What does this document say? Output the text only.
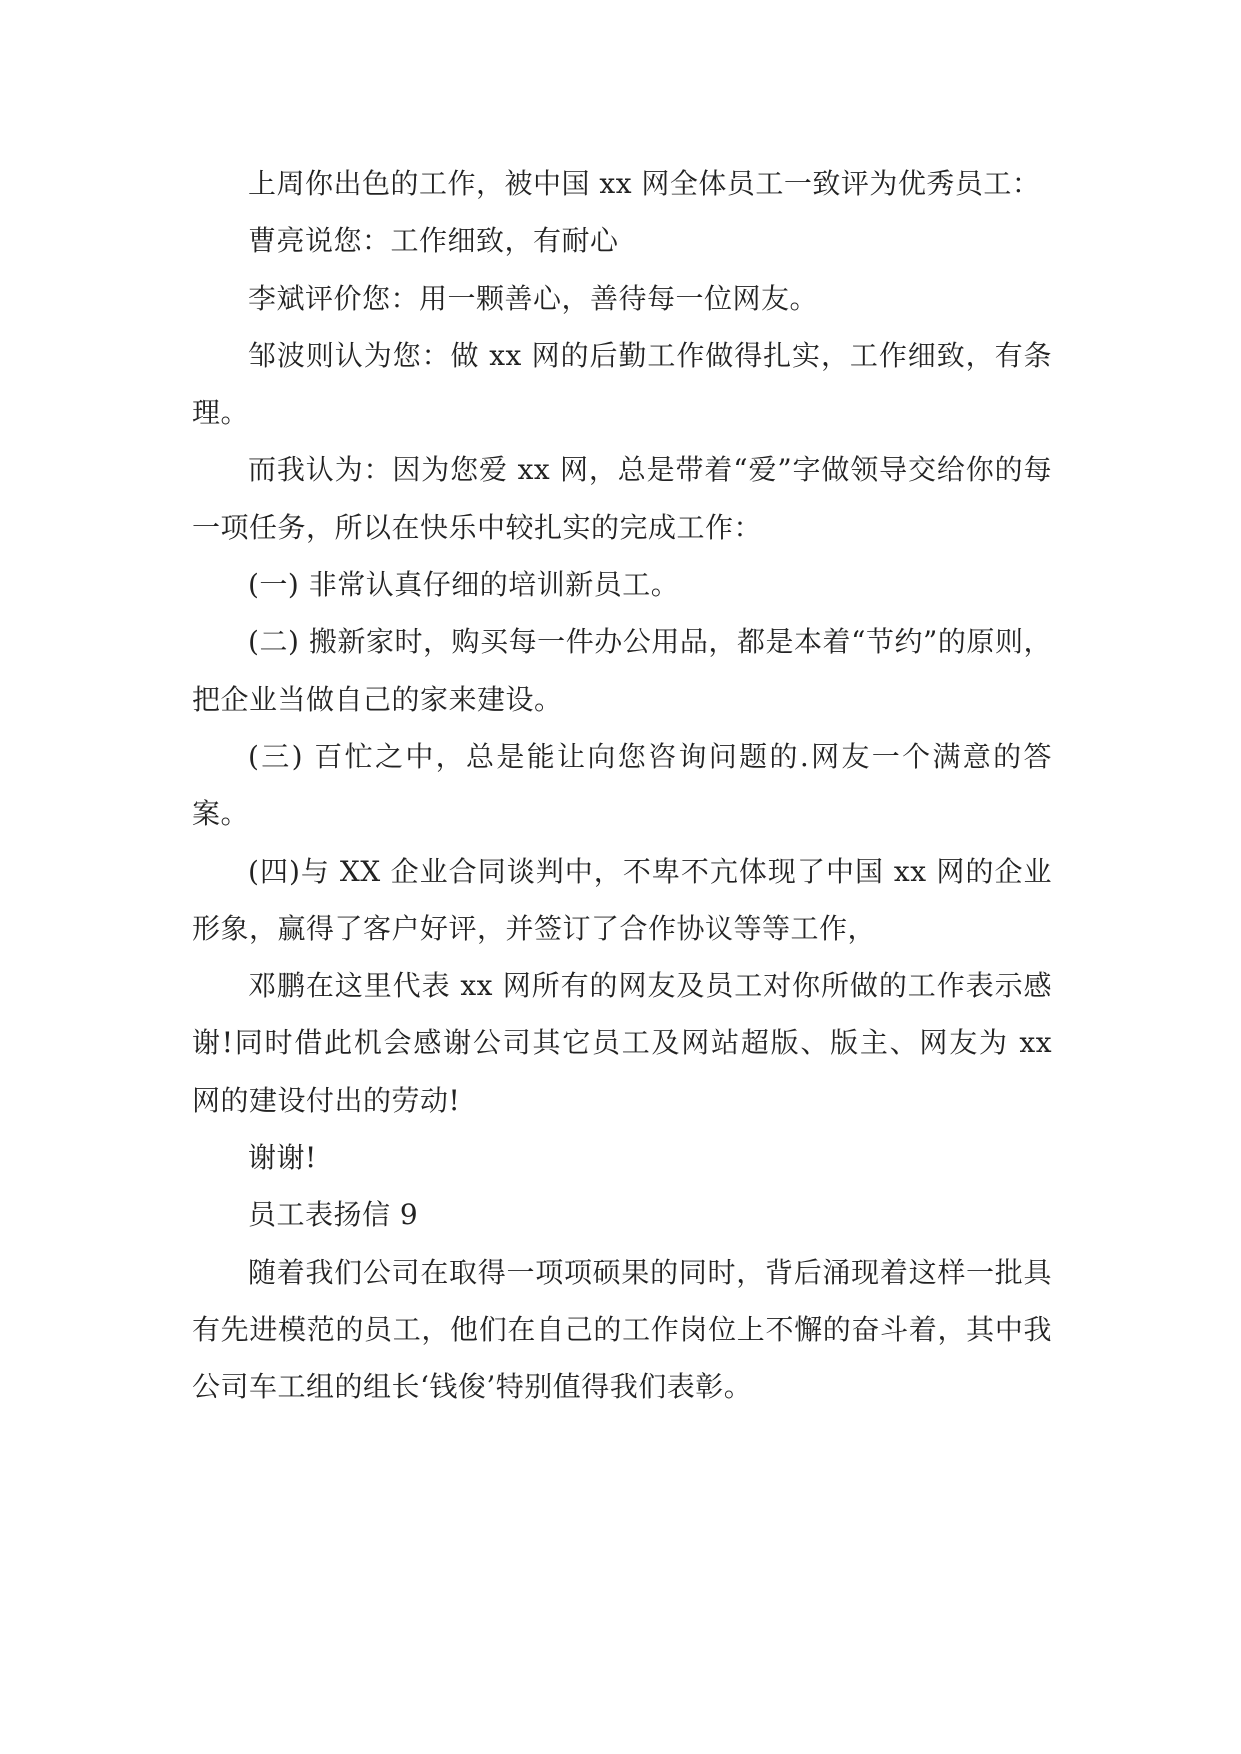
上周你出色的工作，被中国 xx 网全体员工一致评为优秀员工：

曹亮说您：工作细致，有耐心

李斌评价您：用一颗善心，善待每一位网友。

邹波则认为您：做 xx 网的后勤工作做得扎实，工作细致，有条理。

而我认为：因为您爱 xx 网，总是带着“爱”字做领导交给你的每一项任务，所以在快乐中较扎实的完成工作：

(一) 非常认真仔细的培训新员工。

(二) 搬新家时，购买每一件办公用品，都是本着“节约”的原则，把企业当做自己的家来建设。

(三) 百忙之中，总是能让向您咨询问题的.网友一个满意的答案。

(四)与 XX 企业合同谈判中，不卑不亢体现了中国 xx 网的企业形象，赢得了客户好评，并签订了合作协议等等工作，

邓鹏在这里代表 xx 网所有的网友及员工对你所做的工作表示感谢!同时借此机会感谢公司其它员工及网站超版、版主、网友为 xx 网的建设付出的劳动!

谢谢!

员工表扬信 9

随着我们公司在取得一项项硕果的同时，背后涌现着这样一批具有先进模范的员工，他们在自己的工作岗位上不懈的奋斗着，其中我公司车工组的组长‘钱俊’特别值得我们表彰。
